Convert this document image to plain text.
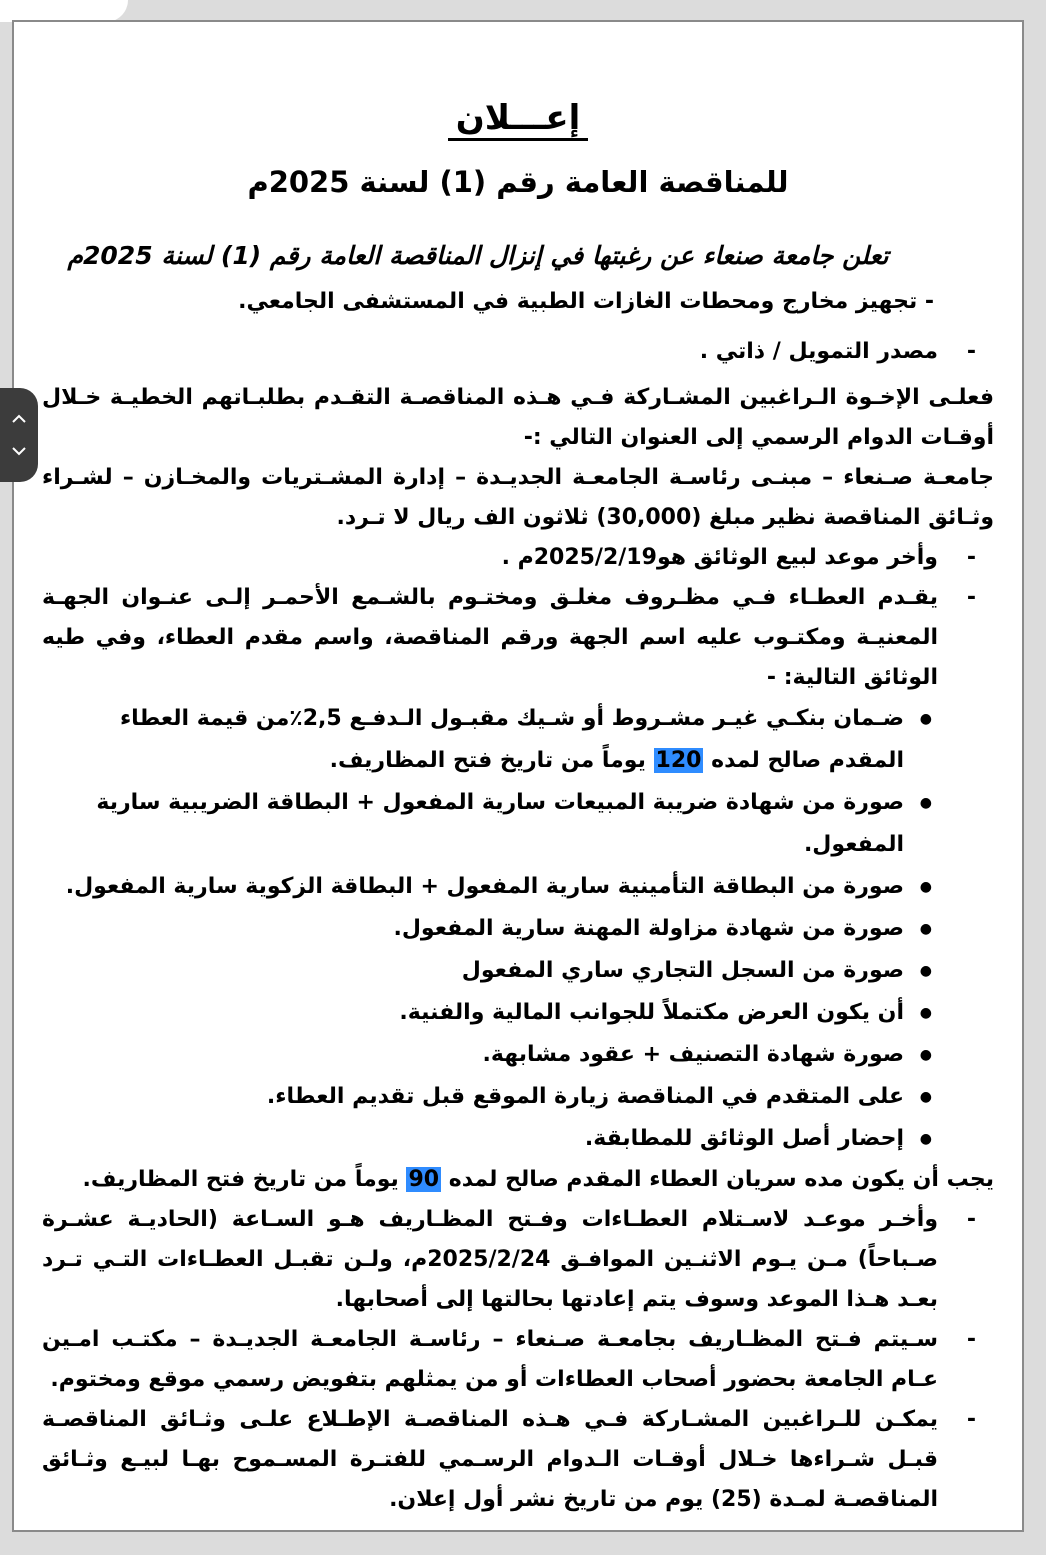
إعـــلان
للمناقصة العامة رقم (1) لسنة 2025م
تعلن جامعة صنعاء عن رغبتها في إنزال المناقصة العامة رقم (1) لسنة 2025م
- تجهيز مخارج ومحطات الغازات الطبية في المستشفى الجامعي.
- مصدر التمويل / ذاتي .
فعلـى الإخـوة الـراغبين المشـاركة فـي هـذه المناقصـة التقـدم بطلبـاتهم الخطيـة خـلال أوقـات الدوام الرسمي إلى العنوان التالي :-
جامعـة صـنعاء – مبنـى رئاسـة الجامعـة الجديـدة – إدارة المشـتريات والمخـازن – لشـراء وثـائق المناقصة نظير مبلغ (30,000) ثلاثون الف ريال لا تـرد.
- وأخر موعد لبيع الوثائق هو2025/2/19م .
- يقـدم العطـاء فـي مظـروف مغلـق ومختـوم بالشـمع الأحمـر إلـى عنـوان الجهـة المعنيـة ومكتـوب عليه اسم الجهة ورقم المناقصة، واسم مقدم العطاء، وفي طيه الوثائق التالية: -
● ضـمان بنكـي غيـر مشـروط أو شـيك مقبـول الـدفـع 2,5٪من قيمة العطاء المقدم صالح لمده 120 يوماً من تاريخ فتح المظاريف.
● صورة من شهادة ضريبة المبيعات سارية المفعول + البطاقة الضريبية سارية المفعول.
● صورة من البطاقة التأمينية سارية المفعول + البطاقة الزكوية سارية المفعول.
● صورة من شهادة مزاولة المهنة سارية المفعول.
● صورة من السجل التجاري ساري المفعول
● أن يكون العرض مكتملاً للجوانب المالية والفنية.
● صورة شهادة التصنيف + عقود مشابهة.
● على المتقدم في المناقصة زيارة الموقع قبل تقديم العطاء.
● إحضار أصل الوثائق للمطابقة.
يجب أن يكون مده سريان العطاء المقدم صالح لمده 90 يوماً من تاريخ فتح المظاريف.
- وأخـر موعـد لاسـتلام العطـاءات وفـتح المظـاريف هـو السـاعة (الحاديـة عشـرة صـباحاً) مـن يـوم الاثنـين الموافـق 2025/2/24م، ولـن تقبـل العطـاءات التـي تـرد بعـد هـذا الموعد وسوف يتم إعادتها بحالتها إلى أصحابها.
- سـيتم فـتح المظـاريف بجامعـة صـنعاء – رئاسـة الجامعـة الجديـدة – مكتـب امـين عـام الجامعة بحضور أصحاب العطاءات أو من يمثلهم بتفويض رسمي موقع ومختوم.
- يمكـن للـراغبين المشـاركة فـي هـذه المناقصـة الإطـلاع علـى وثـائق المناقصـة قبـل شـراءها خـلال أوقـات الـدوام الرسـمي للفتـرة المسـموح بهـا لبيـع وثـائق المناقصـة لمـدة (25) يوم من تاريخ نشر أول إعلان.
